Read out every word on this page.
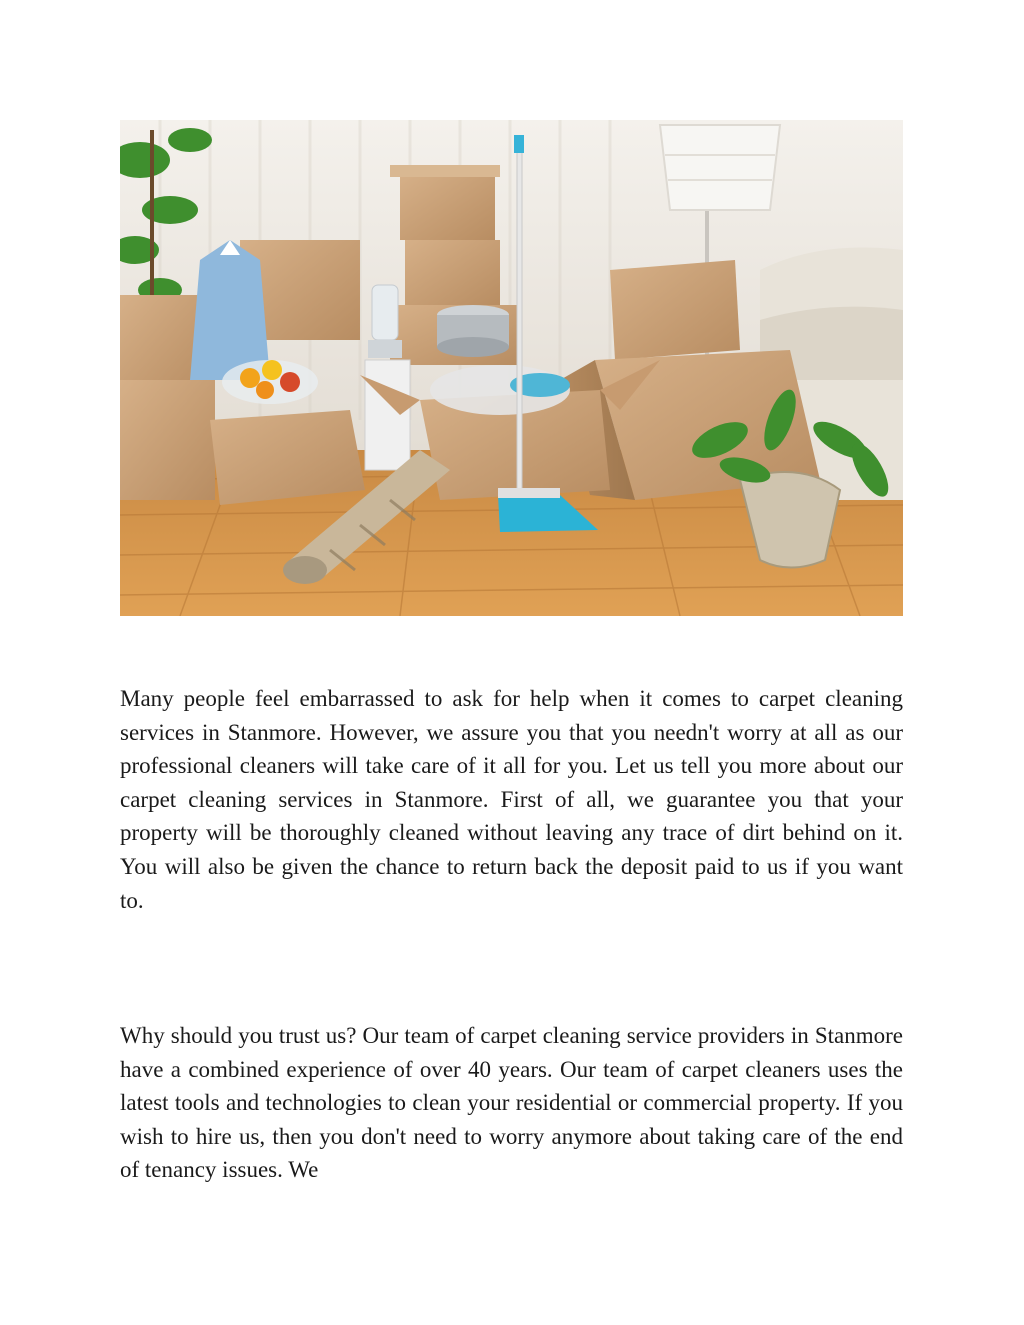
Many people feel embarrassed to ask for help when it comes to carpet cleaning services in Stanmore. However, we assure you that you needn't worry at all as our professional cleaners will take care of it all for you. Let us tell you more about our carpet cleaning services in Stanmore. First of all, we guarantee you that your property will be thoroughly cleaned without leaving any trace of dirt behind on it. You will also be given the chance to return back the deposit paid to us if you want to.

Why should you trust us? Our team of carpet cleaning service providers in Stanmore have a combined experience of over 40 years. Our team of carpet cleaners uses the latest tools and technologies to clean your residential or commercial property. If you wish to hire us, then you don't need to worry anymore about taking care of the end of tenancy issues. We
